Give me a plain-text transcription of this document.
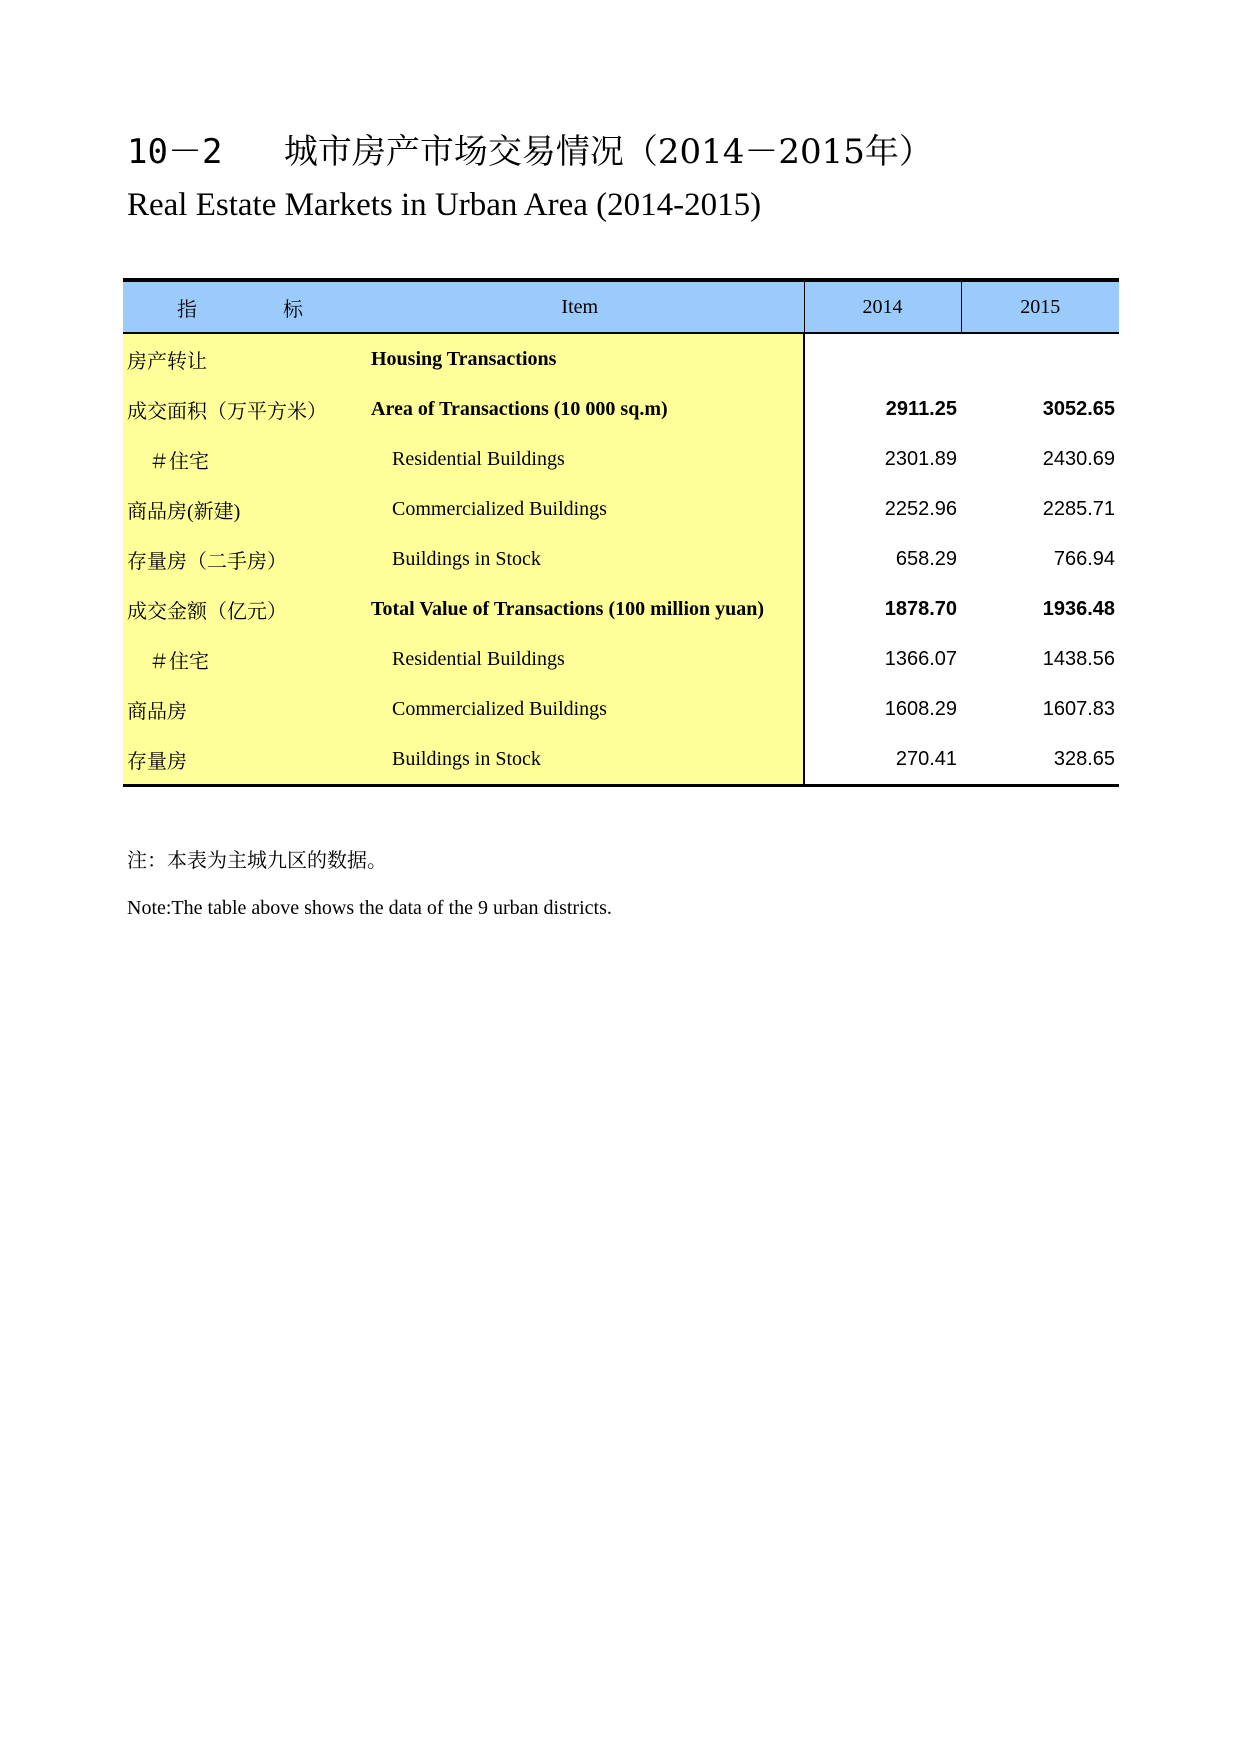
10－2 城市房产市场交易情况（2014－2015年）
Real Estate Markets in Urban Area (2014-2015)

指 标	Item	2014	2015
房产转让	Housing Transactions		
成交面积（万平方米）	Area of Transactions (10 000 sq.m)	2911.25	3052.65
＃住宅	Residential Buildings	2301.89	2430.69
商品房(新建)	Commercialized Buildings	2252.96	2285.71
存量房（二手房）	Buildings in Stock	658.29	766.94
成交金额（亿元）	Total Value of Transactions (100 million yuan)	1878.70	1936.48
＃住宅	Residential Buildings	1366.07	1438.56
商品房	Commercialized Buildings	1608.29	1607.83
存量房	Buildings in Stock	270.41	328.65
注：本表为主城九区的数据。
Note:The table above shows the data of the 9 urban districts.
